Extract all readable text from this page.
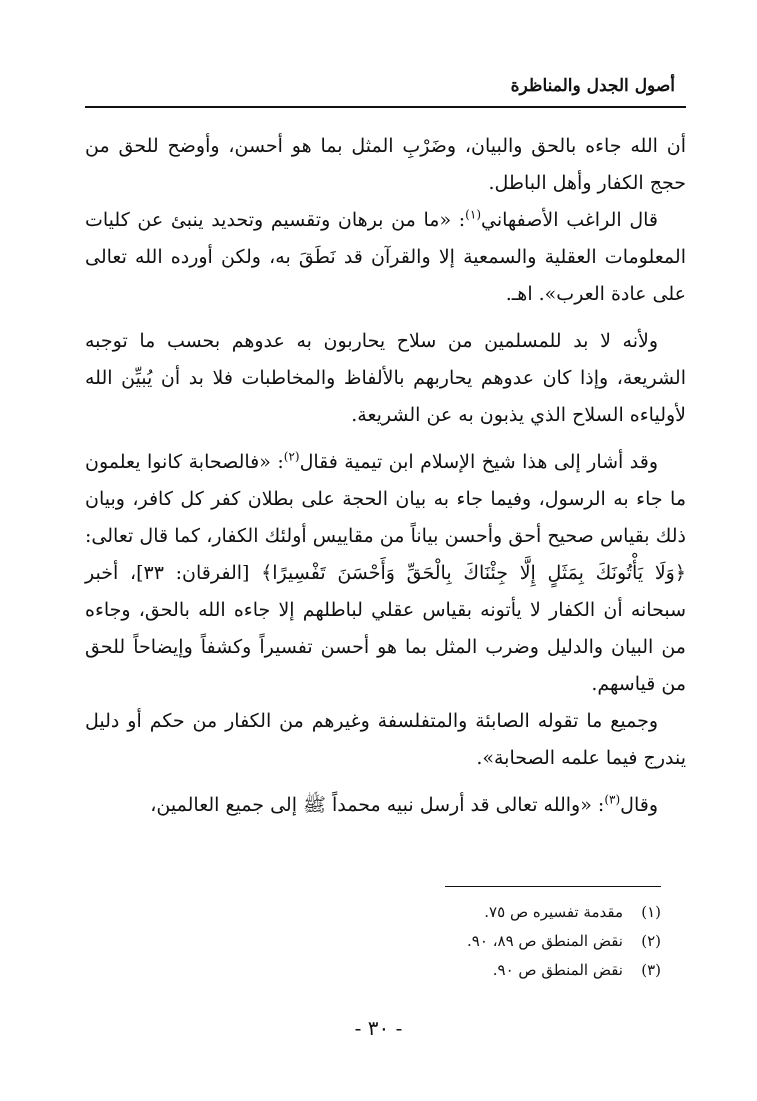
أصول الجدل والمناظرة

أن الله جاءه بالحق والبيان، وضَرْبِ المثل بما هو أحسن، وأوضح للحق من حجج الكفار وأهل الباطل.

قال الراغب الأصفهاني$^{(١)}$: «ما من برهان وتقسيم وتحديد ينبئ عن كليات المعلومات العقلية والسمعية إلا والقرآن قد نَطَقَ به، ولكن أورده الله تعالى على عادة العرب». اهـ.

ولأنه لا بد للمسلمين من سلاح يحاربون به عدوهم بحسب ما توجبه الشريعة، وإذا كان عدوهم يحاربهم بالألفاظ والمخاطبات فلا بد أن يُبيِّن الله لأولياءه السلاح الذي يذبون به عن الشريعة.

وقد أشار إلى هذا شيخ الإسلام ابن تيمية فقال$^{(٢)}$: «فالصحابة كانوا يعلمون ما جاء به الرسول، وفيما جاء به بيان الحجة على بطلان كفر كل كافر، وبيان ذلك بقياس صحيح أحق وأحسن بياناً من مقاييس أولئك الكفار، كما قال تعالى: ﴿وَلَا يَأْتُونَكَ بِمَثَلٍ إِلَّا جِئْنَاكَ بِالْحَقِّ وَأَحْسَنَ تَفْسِيرًا﴾ [الفرقان: ٣٣]، أخبر سبحانه أن الكفار لا يأتونه بقياس عقلي لباطلهم إلا جاءه الله بالحق، وجاءه من البيان والدليل وضرب المثل بما هو أحسن تفسيراً وكشفاً وإيضاحاً للحق من قياسهم.

وجميع ما تقوله الصابئة والمتفلسفة وغيرهم من الكفار من حكم أو دليل يندرج فيما علمه الصحابة».

وقال$^{(٣)}$: «والله تعالى قد أرسل نبيه محمداً ﷺ إلى جميع العالمين،

(١)
مقدمة تفسيره ص ٧٥.
(٢)
نقض المنطق ص ٨٩، ٩٠.
(٣)
نقض المنطق ص ٩٠.
- ٣٠ -
